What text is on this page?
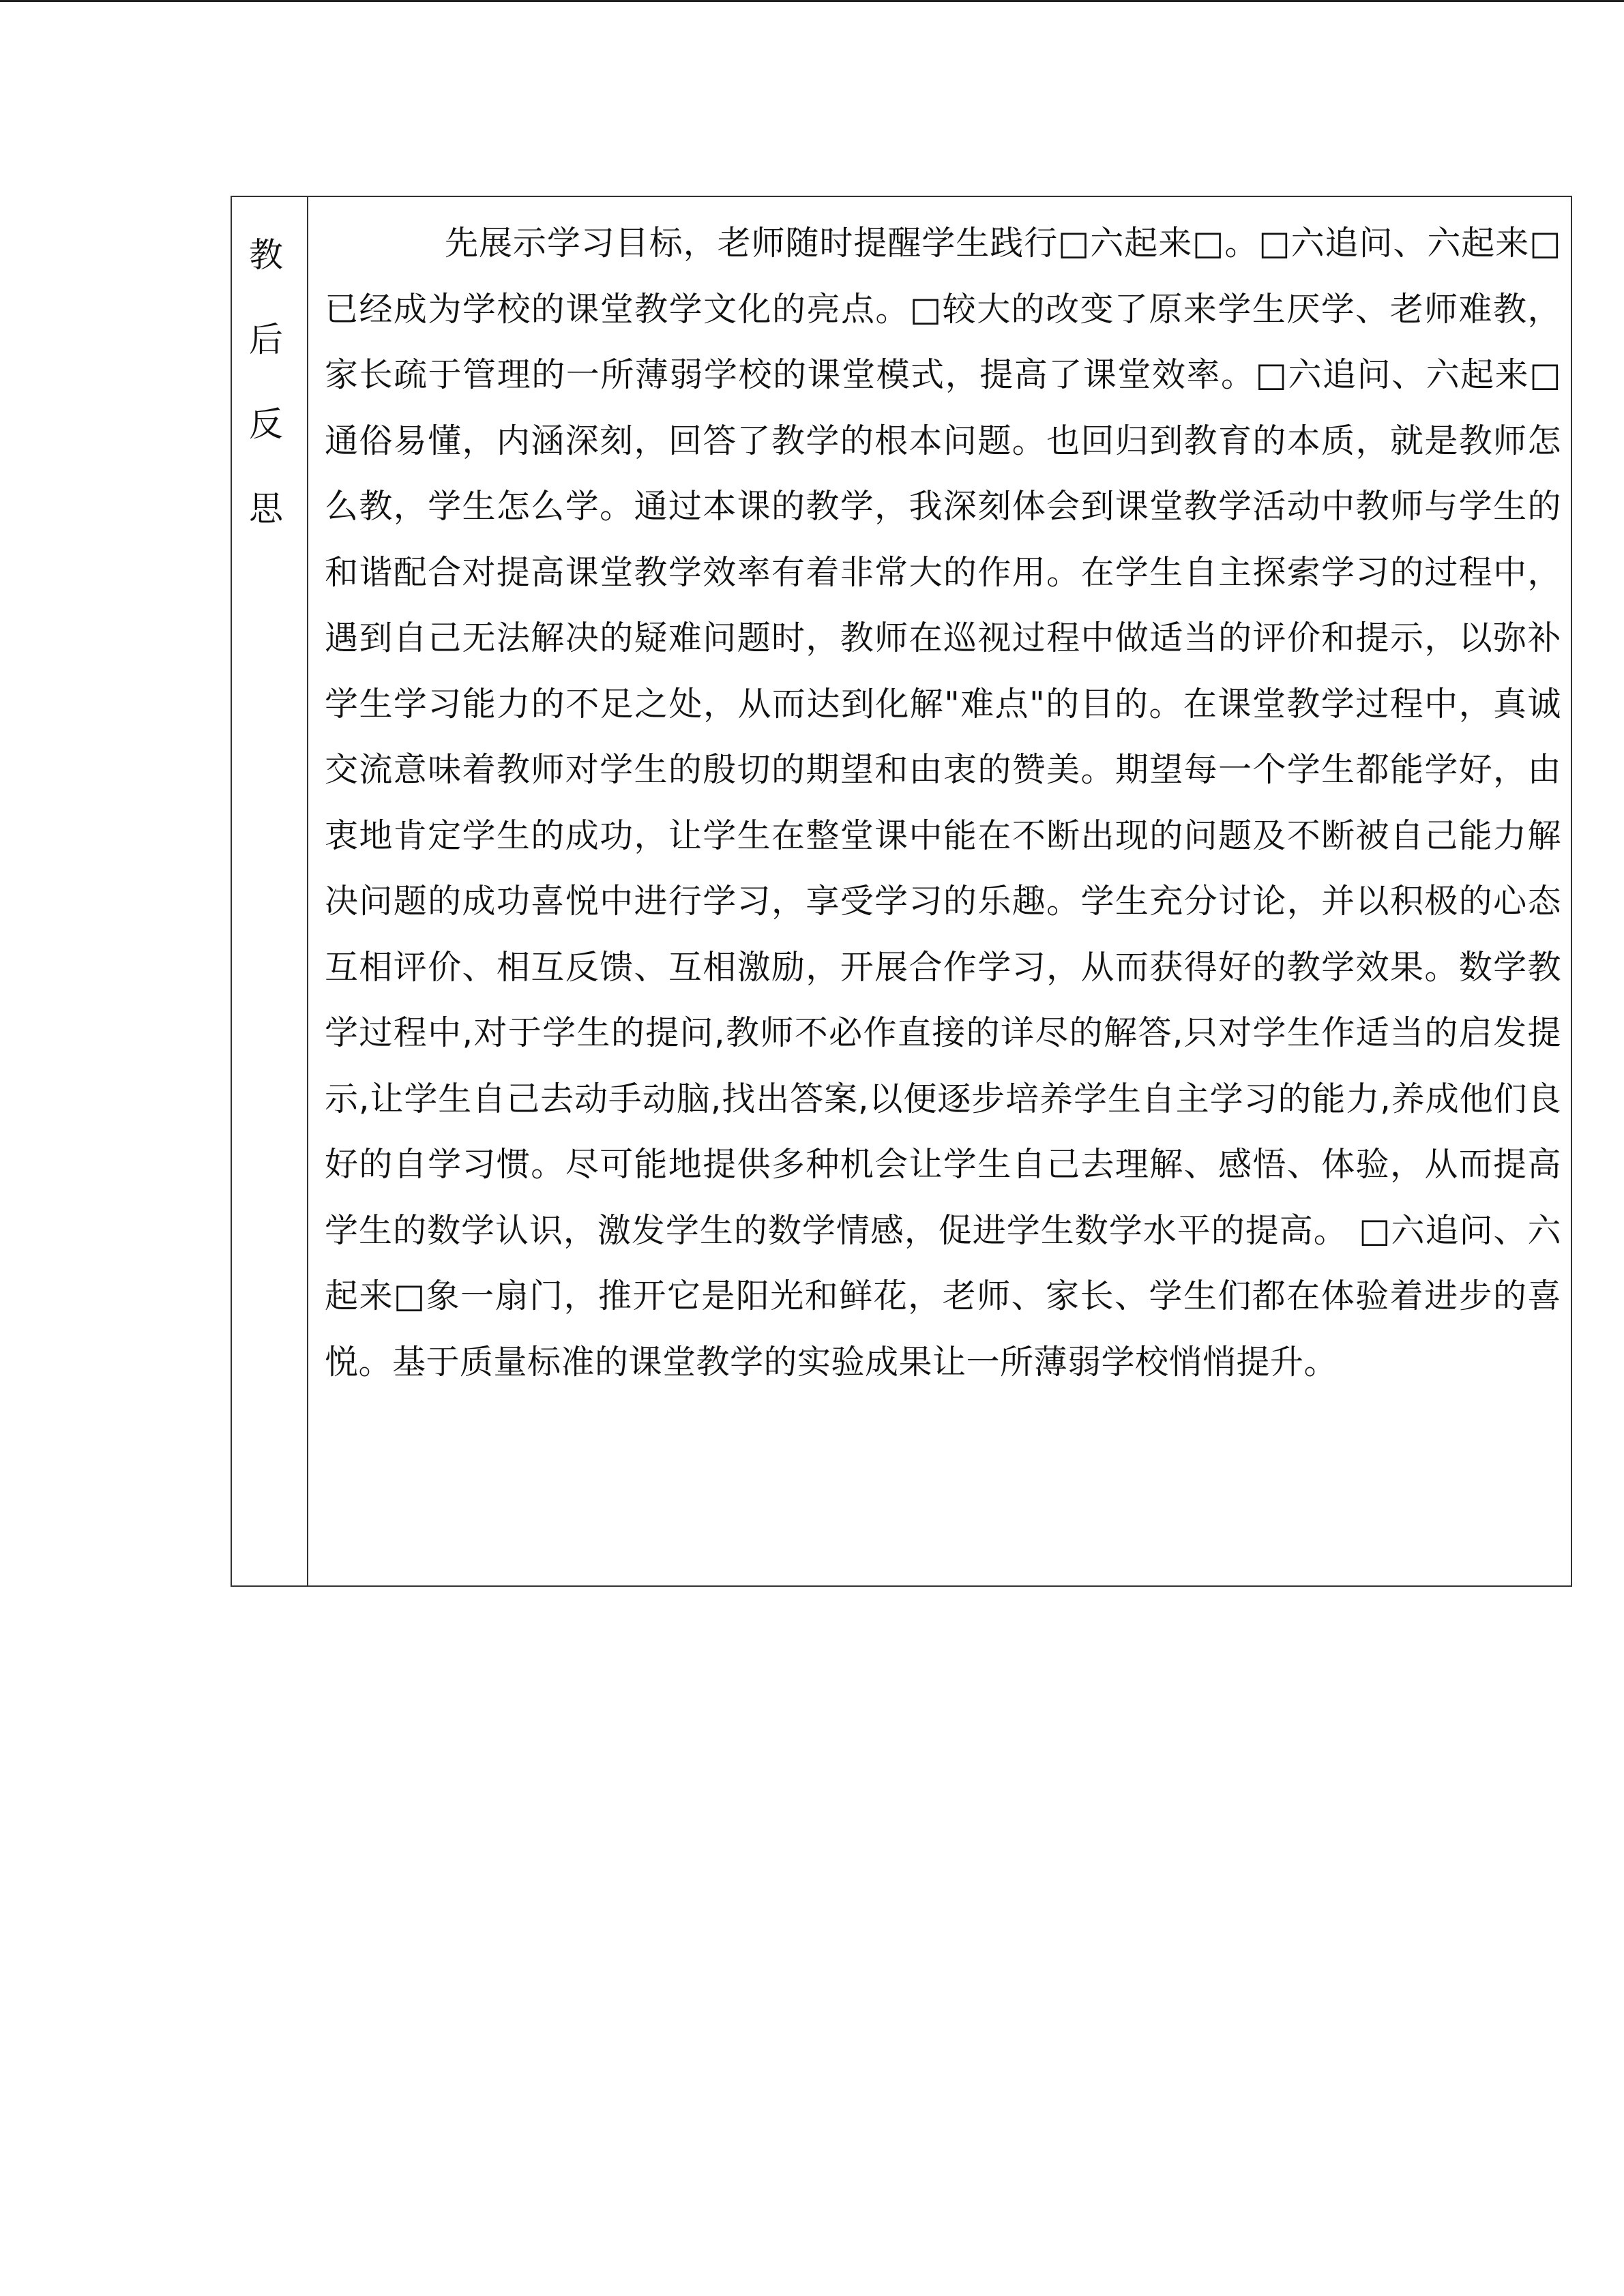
教后反思	先展示学习目标，老师随时提醒学生践行□六起来□。□六追问、六起来□已经成为学校的课堂教学文化的亮点。□较大的改变了原来学生厌学、老师难教，家长疏于管理的一所薄弱学校的课堂模式，提高了课堂效率。□六追问、六起来□通俗易懂，内涵深刻，回答了教学的根本问题。也回归到教育的本质，就是教师怎么教，学生怎么学。通过本课的教学，我深刻体会到课堂教学活动中教师与学生的和谐配合对提高课堂教学效率有着非常大的作用。在学生自主探索学习的过程中，遇到自己无法解决的疑难问题时，教师在巡视过程中做适当的评价和提示，以弥补学生学习能力的不足之处，从而达到化解"难点"的目的。在课堂教学过程中，真诚交流意味着教师对学生的殷切的期望和由衷的赞美。期望每一个学生都能学好，由衷地肯定学生的成功，让学生在整堂课中能在不断出现的问题及不断被自己能力解决问题的成功喜悦中进行学习，享受学习的乐趣。学生充分讨论，并以积极的心态互相评价、相互反馈、互相激励，开展合作学习，从而获得好的教学效果。数学教学过程中,对于学生的提问,教师不必作直接的详尽的解答,只对学生作适当的启发提示,让学生自己去动手动脑,找出答案,以便逐步培养学生自主学习的能力,养成他们良好的自学习惯。尽可能地提供多种机会让学生自己去理解、感悟、体验，从而提高学生的数学认识，激发学生的数学情感，促进学生数学水平的提高。 □六追问、六起来□象一扇门，推开它是阳光和鲜花，老师、家长、学生们都在体验着进步的喜悦。基于质量标准的课堂教学的实验成果让一所薄弱学校悄悄提升。
